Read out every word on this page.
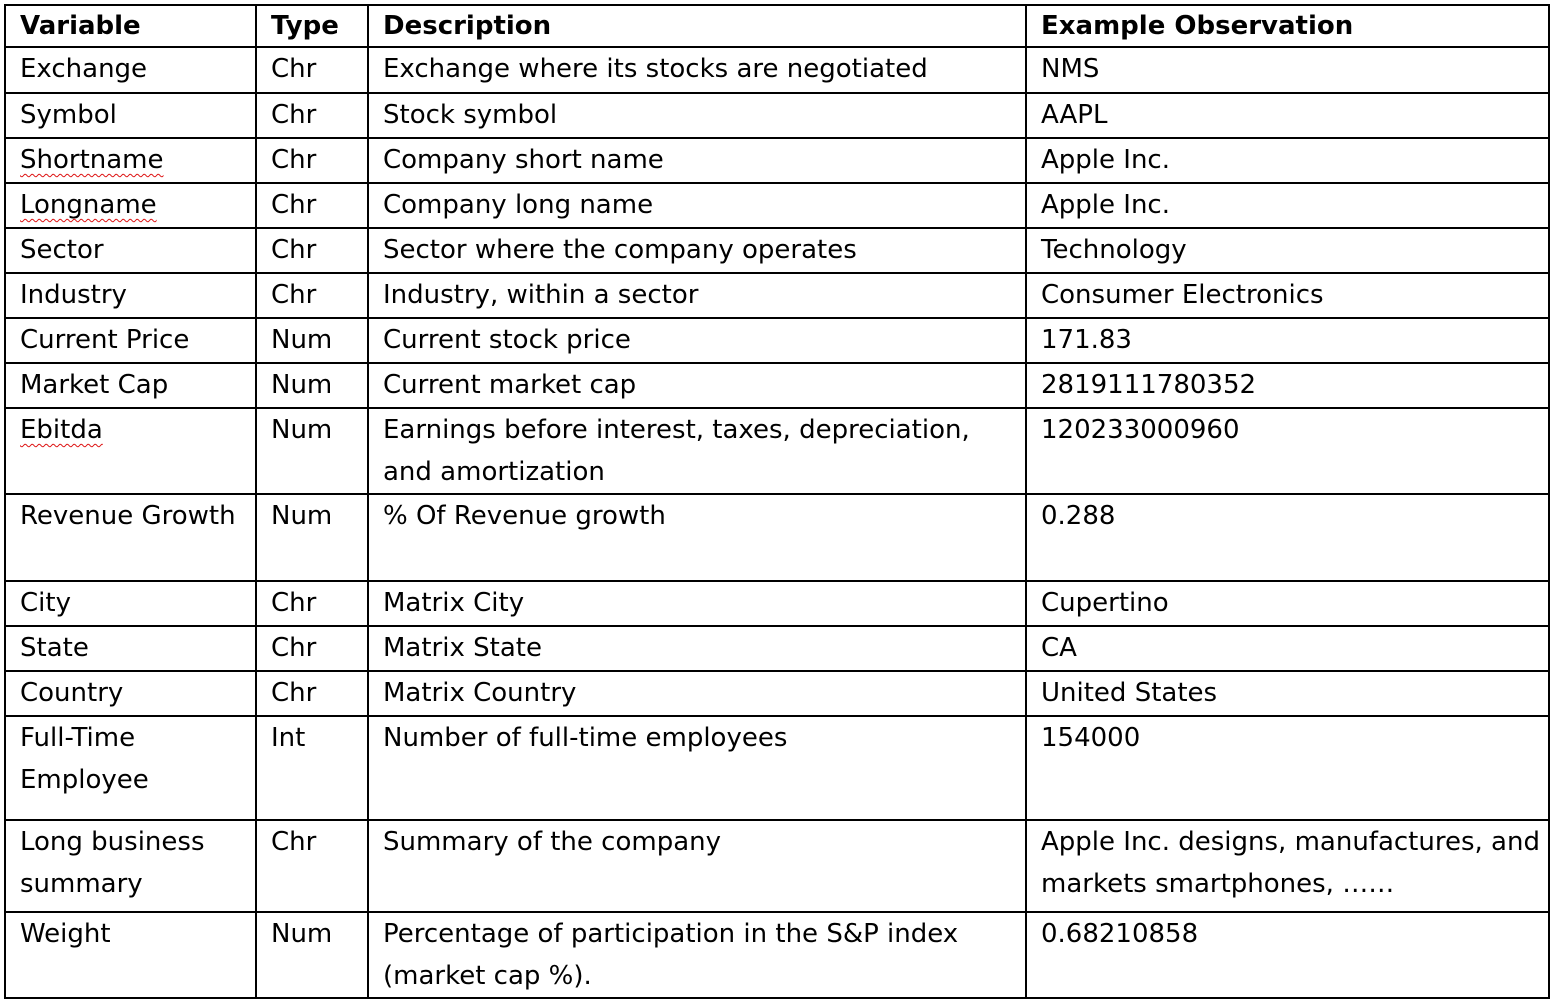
Variable	Type	Description	Example Observation
Exchange	Chr	Exchange where its stocks are negotiated	NMS
Symbol	Chr	Stock symbol	AAPL
Shortname	Chr	Company short name	Apple Inc.
Longname	Chr	Company long name	Apple Inc.
Sector	Chr	Sector where the company operates	Technology
Industry	Chr	Industry, within a sector	Consumer Electronics
Current Price	Num	Current stock price	171.83
Market Cap	Num	Current market cap	2819111780352
Ebitda	Num	Earnings before interest, taxes, depreciation, and amortization	120233000960
Revenue Growth	Num	% Of Revenue growth	0.288
City	Chr	Matrix City	Cupertino
State	Chr	Matrix State	CA
Country	Chr	Matrix Country	United States
Full-Time Employee	Int	Number of full-time employees	154000
Long business summary	Chr	Summary of the company	Apple Inc. designs, manufactures, and markets smartphones, ……
Weight	Num	Percentage of participation in the S&P index (market cap %).	0.68210858
